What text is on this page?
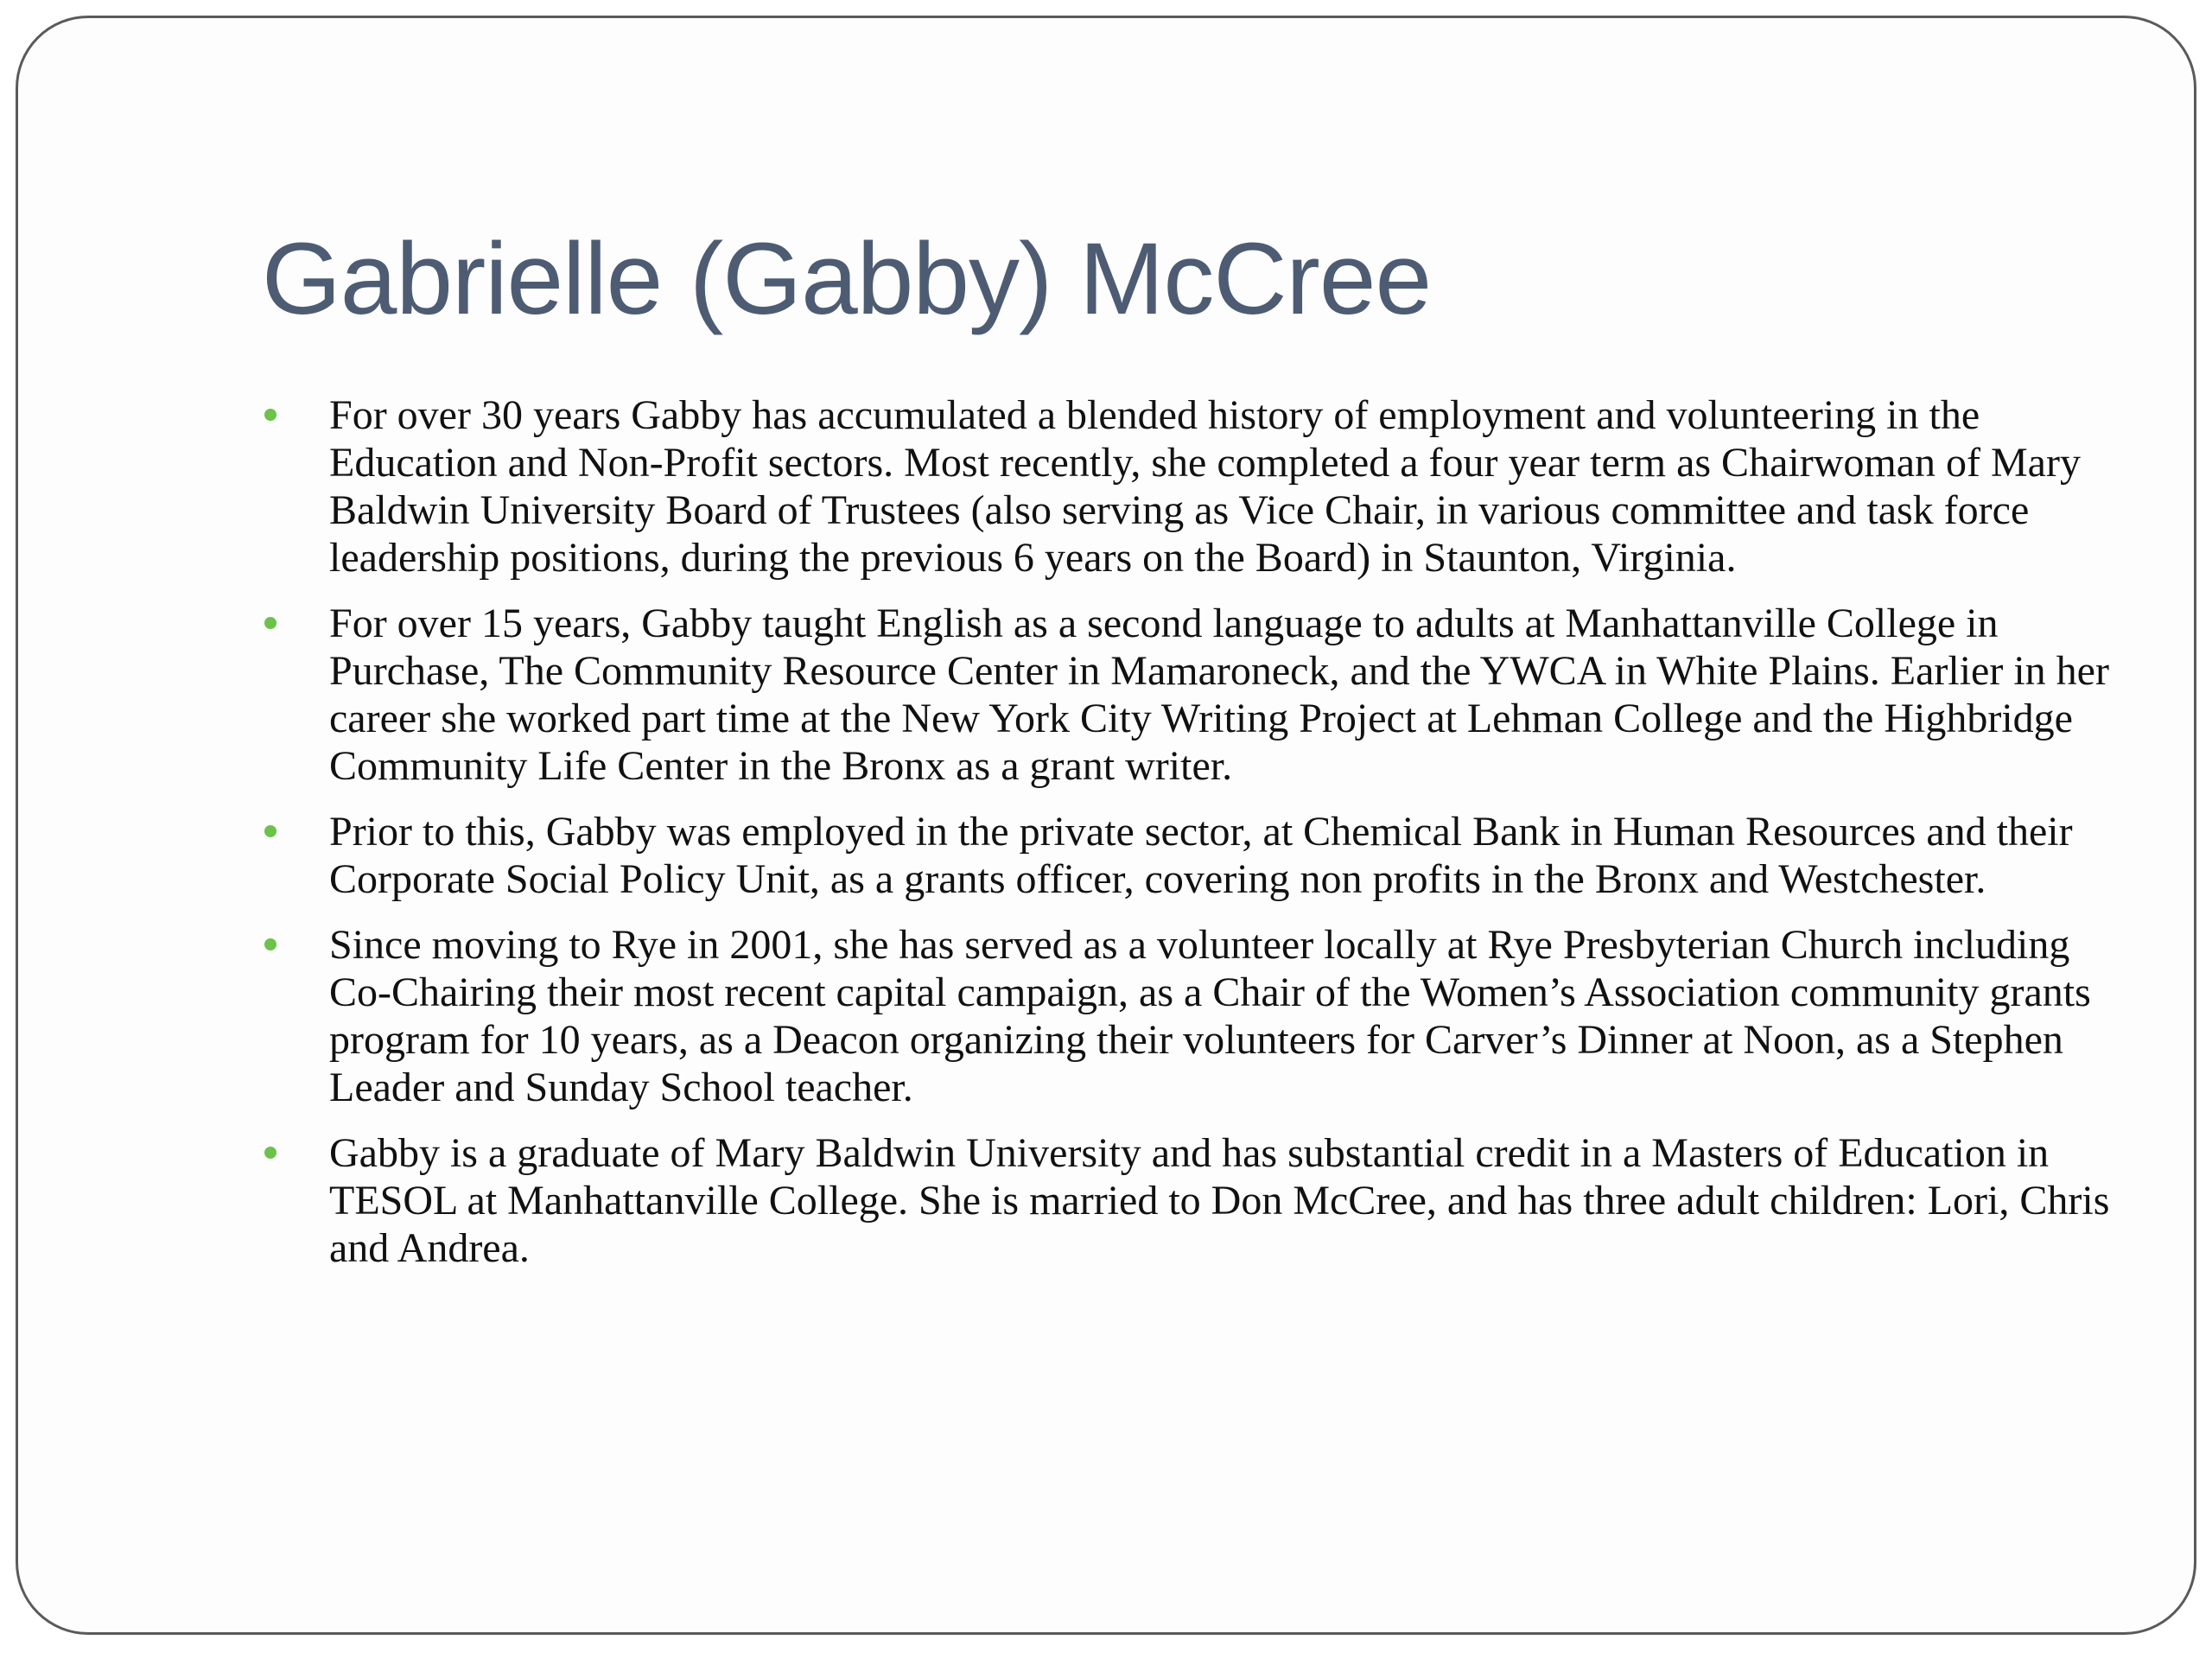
Gabrielle (Gabby) McCree
For over 30 years Gabby has accumulated a blended history of employment and volunteering in the Education and Non-Profit sectors. Most recently, she completed a four year term as Chairwoman of Mary Baldwin University Board of Trustees (also serving as Vice Chair, in various committee and task force leadership positions, during the previous 6 years on the Board) in Staunton, Virginia.
For over 15 years, Gabby taught English as a second language to adults at Manhattanville College in Purchase, The Community Resource Center in Mamaroneck, and the YWCA in White Plains. Earlier in her career she worked part time at the New York City Writing Project at Lehman College and the Highbridge Community Life Center in the Bronx as a grant writer.
Prior to this, Gabby was employed in the private sector, at Chemical Bank in Human Resources and their Corporate Social Policy Unit, as a grants officer, covering non profits in the Bronx and Westchester.
Since moving to Rye in 2001, she has served as a volunteer locally at Rye Presbyterian Church including Co-Chairing their most recent capital campaign, as a Chair of the Women’s Association community grants program for 10 years, as a Deacon organizing their volunteers for Carver’s Dinner at Noon, as a Stephen Leader and Sunday School teacher.
Gabby is a graduate of Mary Baldwin University and has substantial credit in a Masters of Education in TESOL at Manhattanville College. She is married to Don McCree, and has three adult children: Lori, Chris and Andrea.
